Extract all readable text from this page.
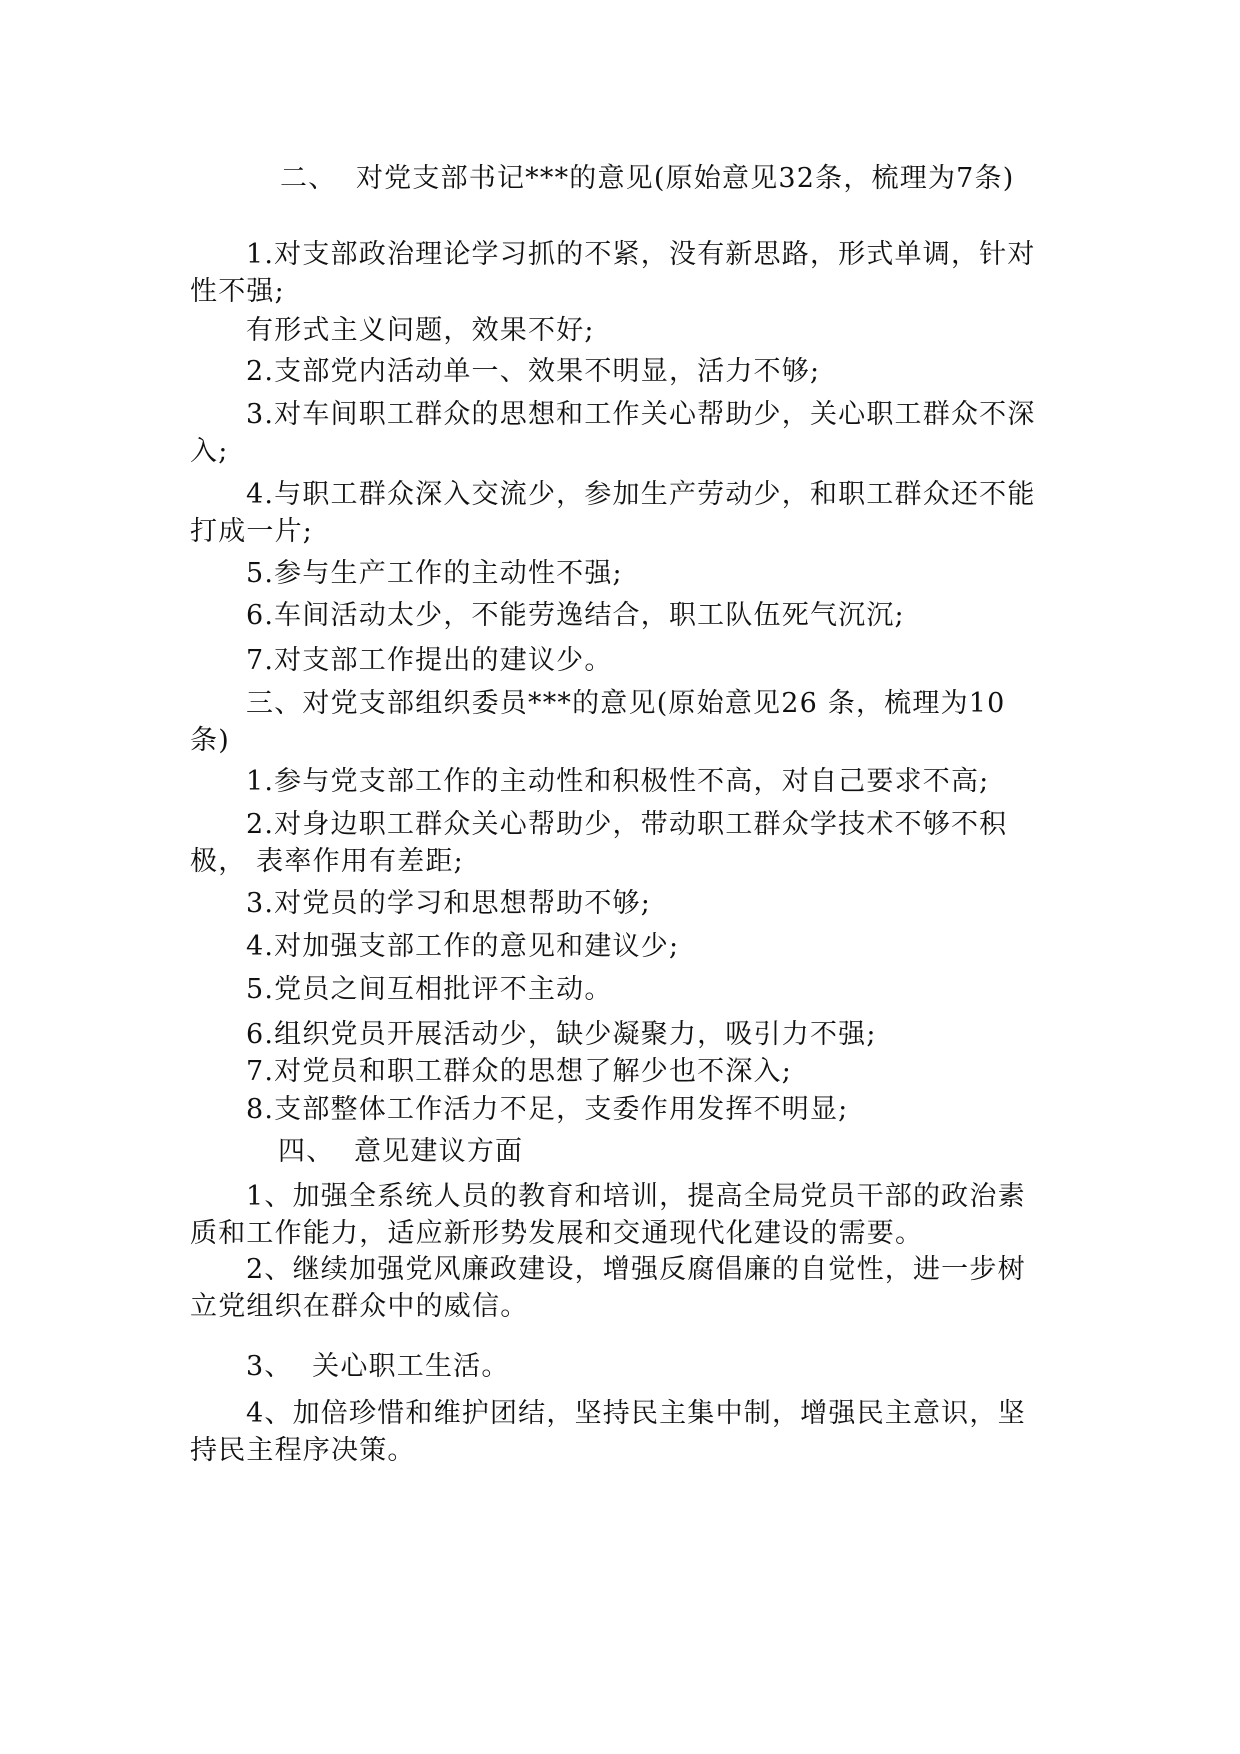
二、  对党支部书记***的意见(原始意见32条，梳理为7条)

1.对支部政治理论学习抓的不紧，没有新思路，形式单调，针对性不强;

有形式主义问题，效果不好;

2.支部党内活动单一、效果不明显，活力不够;

3.对车间职工群众的思想和工作关心帮助少，关心职工群众不深入;

4.与职工群众深入交流少，参加生产劳动少，和职工群众还不能打成一片;

5.参与生产工作的主动性不强;

6.车间活动太少，不能劳逸结合，职工队伍死气沉沉;

7.对支部工作提出的建议少。

三、对党支部组织委员***的意见(原始意见26 条，梳理为10 条)

1.参与党支部工作的主动性和积极性不高，对自己要求不高;

2.对身边职工群众关心帮助少，带动职工群众学技术不够不积极， 表率作用有差距;

3.对党员的学习和思想帮助不够;

4.对加强支部工作的意见和建议少;

5.党员之间互相批评不主动。

6.组织党员开展活动少，缺少凝聚力，吸引力不强;

7.对党员和职工群众的思想了解少也不深入;

8.支部整体工作活力不足，支委作用发挥不明显;

四、  意见建议方面

1、加强全系统人员的教育和培训，提高全局党员干部的政治素 质和工作能力，适应新形势发展和交通现代化建设的需要。

2、继续加强党风廉政建设，增强反腐倡廉的自觉性，进一步树立党组织在群众中的威信。

3、  关心职工生活。

4、加倍珍惜和维护团结，坚持民主集中制，增强民主意识，坚持民主程序决策。
